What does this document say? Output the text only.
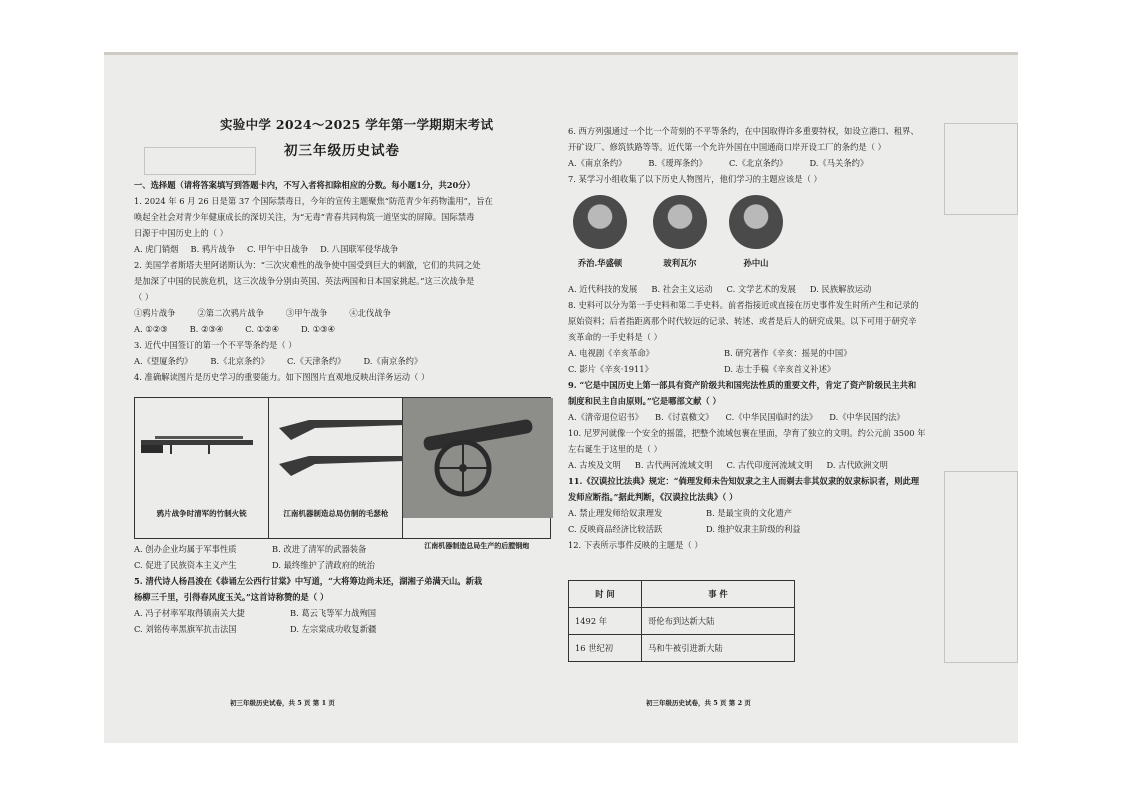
实验中学 2024～2025 学年第一学期期末考试
初三年级历史试卷

一、选择题（请将答案填写到答题卡内，不写入者将扣除相应的分数。每小题1分，共20分）

1. 2024 年 6 月 26 日是第 37 个国际禁毒日，今年的宣传主题聚焦“防范青少年药物滥用”，旨在

唤起全社会对青少年健康成长的深切关注，为“无毒”青春共同构筑一道坚实的屏障。国际禁毒

日源于中国历史上的（ ）

A. 虎门销烟 B. 鸦片战争 C. 甲午中日战争 D. 八国联军侵华战争

2. 美国学者斯塔夫里阿诺斯认为：“三次灾难性的战争使中国受到巨大的刺激，它们的共同之处

是加深了中国的民族危机，这三次战争分别由英国、英法两国和日本国家挑起。”这三次战争是

（ ）

①鸦片战争	②第二次鸦片战争	③甲午战争	④北伐战争
A. ①②③	B. ②③④	C. ①②④	D. ①③④

3. 近代中国签订的第一个不平等条约是（ ）

A.《望厦条约》 B.《北京条约》 C.《天津条约》 D.《南京条约》

4. 准确解读图片是历史学习的重要能力。如下图图片直观地反映出洋务运动（ ）

鸦片战争时清军的竹制火铳	江南机器制造总局仿制的毛瑟枪
江南机器制造总局生产的后膛钢炮
A. 创办企业均属于军事性质	B. 改进了清军的武器装备
C. 促进了民族资本主义产生	D. 最终维护了清政府的统治

5. 清代诗人杨昌浚在《恭诵左公西行甘棠》中写道，“大将筹边尚未还，湖湘子弟满天山。新栽

杨柳三千里，引得春风度玉关。”这首诗称赞的是（ ）

A. 冯子材率军取得镇南关大捷	B. 葛云飞等军力战殉国
C. 刘铭传率黑旗军抗击法国	D. 左宗棠成功收复新疆
初三年级历史试卷，共 5 页 第 1 页

6. 西方列强通过一个比一个苛刻的不平等条约，在中国取得许多重要特权，如设立港口、租界、

开矿设厂、修筑铁路等等。近代第一个允许外国在中国通商口岸开设工厂的条约是（ ）

A.《南京条约》	B.《瑷珲条约》	C.《北京条约》	D.《马关条约》

7. 某学习小组收集了以下历史人物图片，他们学习的主题应该是（ ）

乔治.华盛顿	玻利瓦尔	孙中山
A. 近代科技的发展 B. 社会主义运动 C. 文学艺术的发展 D. 民族解放运动

8. 史料可以分为第一手史料和第二手史料。前者指接近或直接在历史事件发生时所产生和记录的

原始资料；后者指距离那个时代较远的记录、转述、或者是后人的研究成果。以下可用于研究辛

亥革命的一手史料是（ ）

A. 电视剧《辛亥革命》	B. 研究著作《辛亥：摇晃的中国》
C. 影片《辛亥·1911》	D. 志士手稿《辛亥首义补述》

9. “它是中国历史上第一部具有资产阶级共和国宪法性质的重要文件，肯定了资产阶级民主共和

制度和民主自由原则。”它是哪部文献（ ）

A.《清帝退位诏书》 B.《讨袁檄文》 C.《中华民国临时约法》 D.《中华民国约法》

10. 尼罗河就像一个安全的摇篮，把整个流域包裹在里面，孕育了独立的文明。约公元前 3500 年

左右诞生于这里的是（ ）

A. 古埃及文明 B. 古代两河流域文明 C. 古代印度河流域文明 D. 古代欧洲文明

11.《汉谟拉比法典》规定：“倘理发师未告知奴隶之主人而剃去非其奴隶的奴隶标识者，则此理

发师应断指。”据此判断，《汉谟拉比法典》（ ）

A. 禁止理发师给奴隶理发	B. 是最宝贵的文化遗产
C. 反映商品经济比较活跃	D. 维护奴隶主阶级的利益

12. 下表所示事件反映的主题是（ ）

时 间	事 件
1492 年	哥伦布到达新大陆
16 世纪初	马和牛被引进新大陆
初三年级历史试卷，共 5 页 第 2 页
